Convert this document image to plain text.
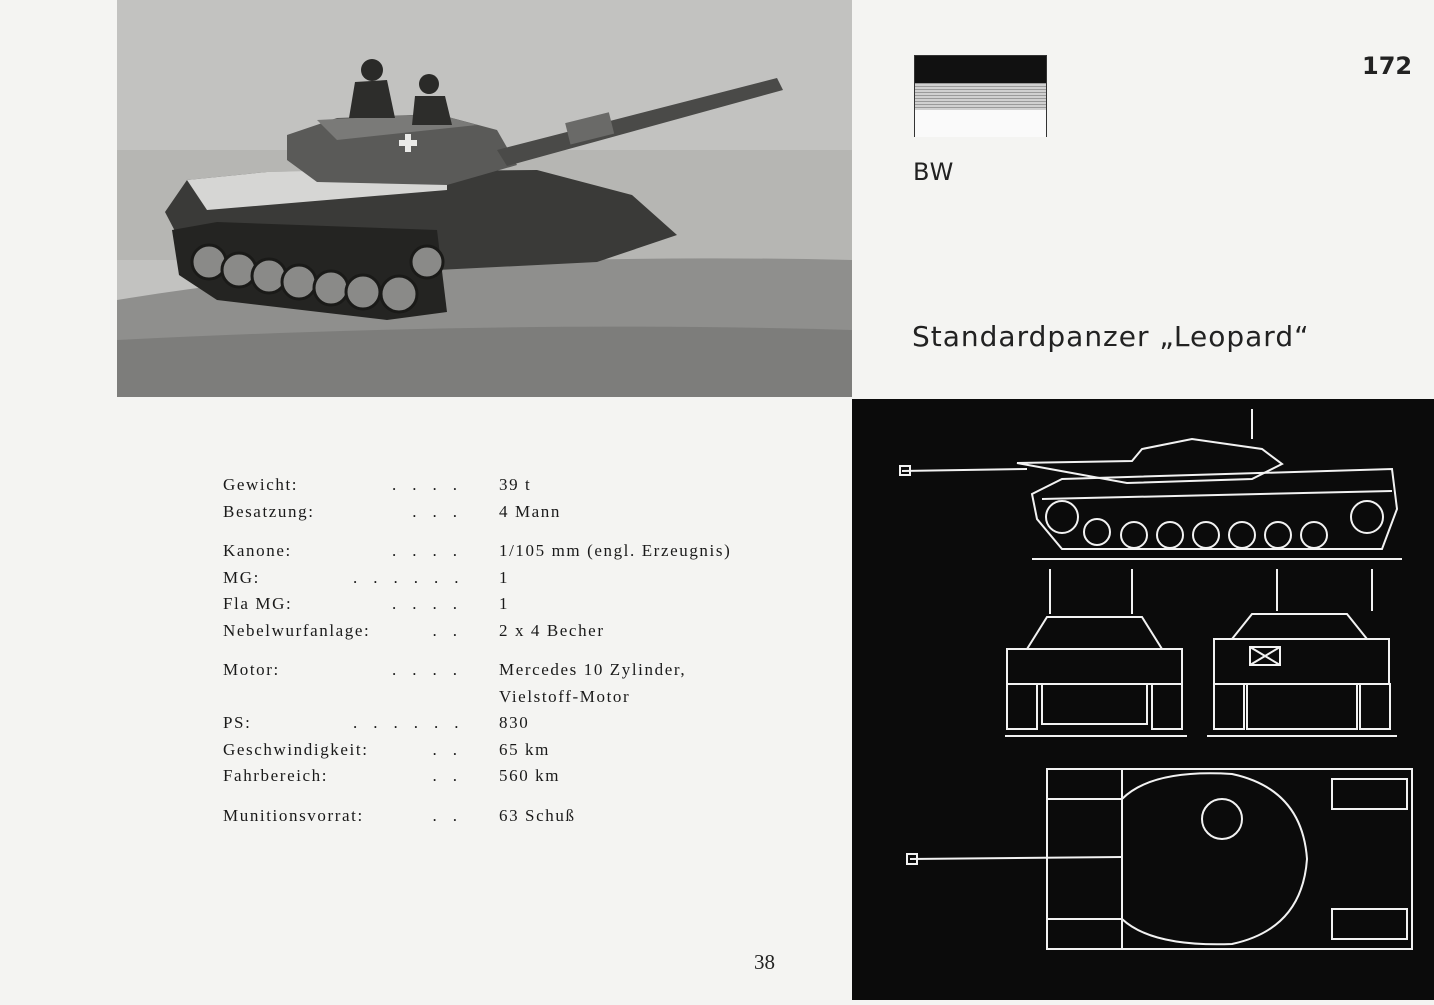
BW
172
Standardpanzer „Leopard“
Gewicht:	.... 39 t
Besatzung:	... 4 Mann
Kanone:	.... 1/105 mm (engl. Erzeugnis)
MG:	...... 1
Fla MG:	.... 1
Nebelwurfanlage:	.. 2 x 4 Becher
Motor:	.... Mercedes 10 Zylinder,
Vielstoff-Motor
PS:	...... 830
Geschwindigkeit:	.. 65 km
Fahrbereich:	.. 560 km
Munitionsvorrat:	.. 63 Schuß
38
